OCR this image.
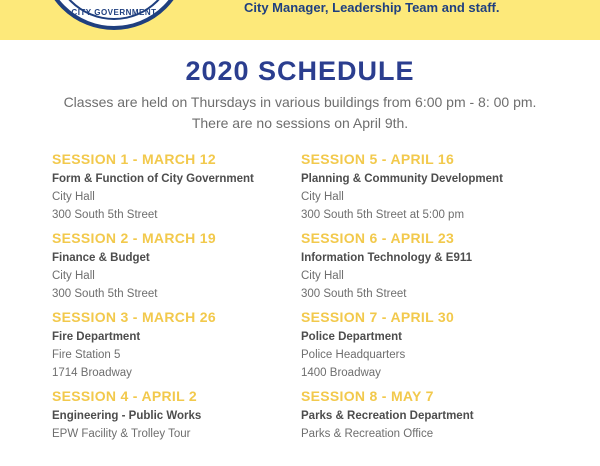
CITY GOVERNMENT	City Manager, Leadership Team and staff.
2020 SCHEDULE
Classes are held on Thursdays in various buildings from 6:00 pm - 8: 00 pm.
There are no sessions on April 9th.
SESSION 1 - MARCH 12
Form & Function of City Government
City Hall
300 South 5th Street
SESSION 2 - MARCH 19
Finance & Budget
City Hall
300 South 5th Street
SESSION 3 - MARCH 26
Fire Department
Fire Station 5
1714 Broadway
SESSION 4 - APRIL 2
Engineering - Public Works
EPW Facility & Trolley Tour
SESSION 5 - APRIL 16
Planning & Community Development
City Hall
300 South 5th Street at 5:00 pm
SESSION 6 - APRIL 23
Information Technology & E911
City Hall
300 South 5th Street
SESSION 7 - APRIL 30
Police Department
Police Headquarters
1400 Broadway
SESSION 8 - MAY 7
Parks & Recreation Department
Parks & Recreation Office
